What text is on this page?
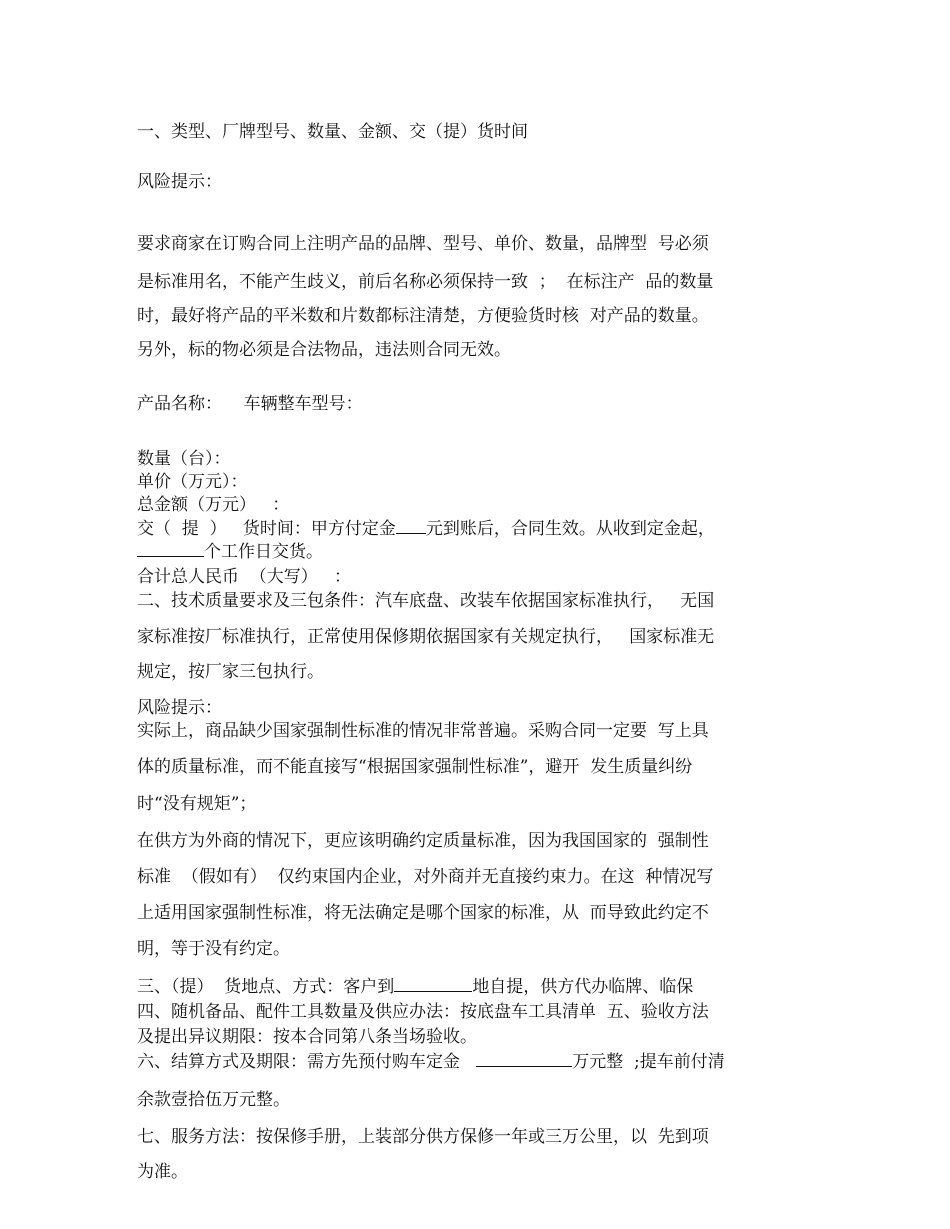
一、类型、厂牌型号、数量、金额、交（提）货时间

风险提示：

要求商家在订购合同上注明产品的品牌、型号、单价、数量，品牌型  号必须

是标准用名，不能产生歧义，前后名称必须保持一致  ；  在标注产  品的数量

时，最好将产品的平米数和片数都标注清楚，方便验货时核  对产品的数量。

另外，标的物必须是合法物品，违法则合同无效。

产品名称：    车辆整车型号：

数量（台）：

单价（万元）：

总金额（万元）   ：

交（  提  ）   货时间：甲方付定金 元到账后，合同生效。从收到定金起，

个工作日交货。

合计总人民币  （大写）   ：

二、技术质量要求及三包条件：汽车底盘、改装车依据国家标准执行，   无国

家标准按厂标准执行，正常使用保修期依据国家有关规定执行，   国家标准无

规定，按厂家三包执行。

风险提示：

实际上，商品缺少国家强制性标准的情况非常普遍。采购合同一定要  写上具

体的质量标准，而不能直接写“根据国家强制性标准”，避开  发生质量纠纷

时“没有规矩”；

在供方为外商的情况下，更应该明确约定质量标准，因为我国国家的  强制性

标准  （假如有）  仅约束国内企业，对外商并无直接约束力。在这  种情况写

上适用国家强制性标准，将无法确定是哪个国家的标准，从  而导致此约定不

明，等于没有约定。

三、（提）  货地点、方式：客户到	地自提，供方代办临牌、临保

四、随机备品、配件工具数量及供应办法：按底盘车工具清单  五、验收方法

及提出异议期限：按本合同第八条当场验收。

六、结算方式及期限：需方先预付购车定金	万元整  ;提车前付清

余款壹拾伍万元整。

七、服务方法：按保修手册，上装部分供方保修一年或三万公里，以  先到项

为准。
